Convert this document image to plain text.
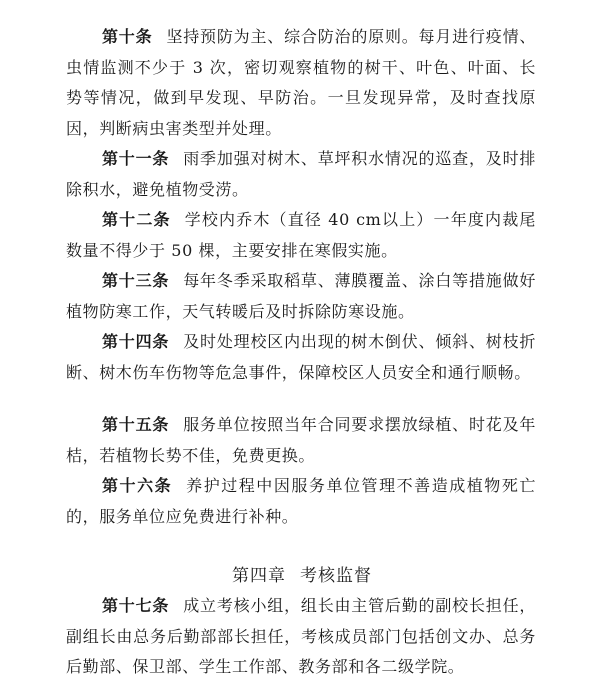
第十条 坚持预防为主、综合防治的原则。每月进行疫情、虫情监测不少于 3 次，密切观察植物的树干、叶色、叶面、长势等情况，做到早发现、早防治。一旦发现异常，及时查找原因，判断病虫害类型并处理。

第十一条 雨季加强对树木、草坪积水情况的巡查，及时排除积水，避免植物受涝。

第十二条 学校内乔木（直径 40 cm以上）一年度内裁尾数量不得少于 50 棵，主要安排在寒假实施。

第十三条 每年冬季采取稻草、薄膜覆盖、涂白等措施做好植物防寒工作，天气转暖后及时拆除防寒设施。

第十四条 及时处理校区内出现的树木倒伏、倾斜、树枝折断、树木伤车伤物等危急事件，保障校区人员安全和通行顺畅。

第十五条 服务单位按照当年合同要求摆放绿植、时花及年桔，若植物长势不佳，免费更换。

第十六条 养护过程中因服务单位管理不善造成植物死亡的，服务单位应免费进行补种。

第四章 考核监督

第十七条 成立考核小组，组长由主管后勤的副校长担任，副组长由总务后勤部部长担任，考核成员部门包括创文办、总务后勤部、保卫部、学生工作部、教务部和各二级学院。
